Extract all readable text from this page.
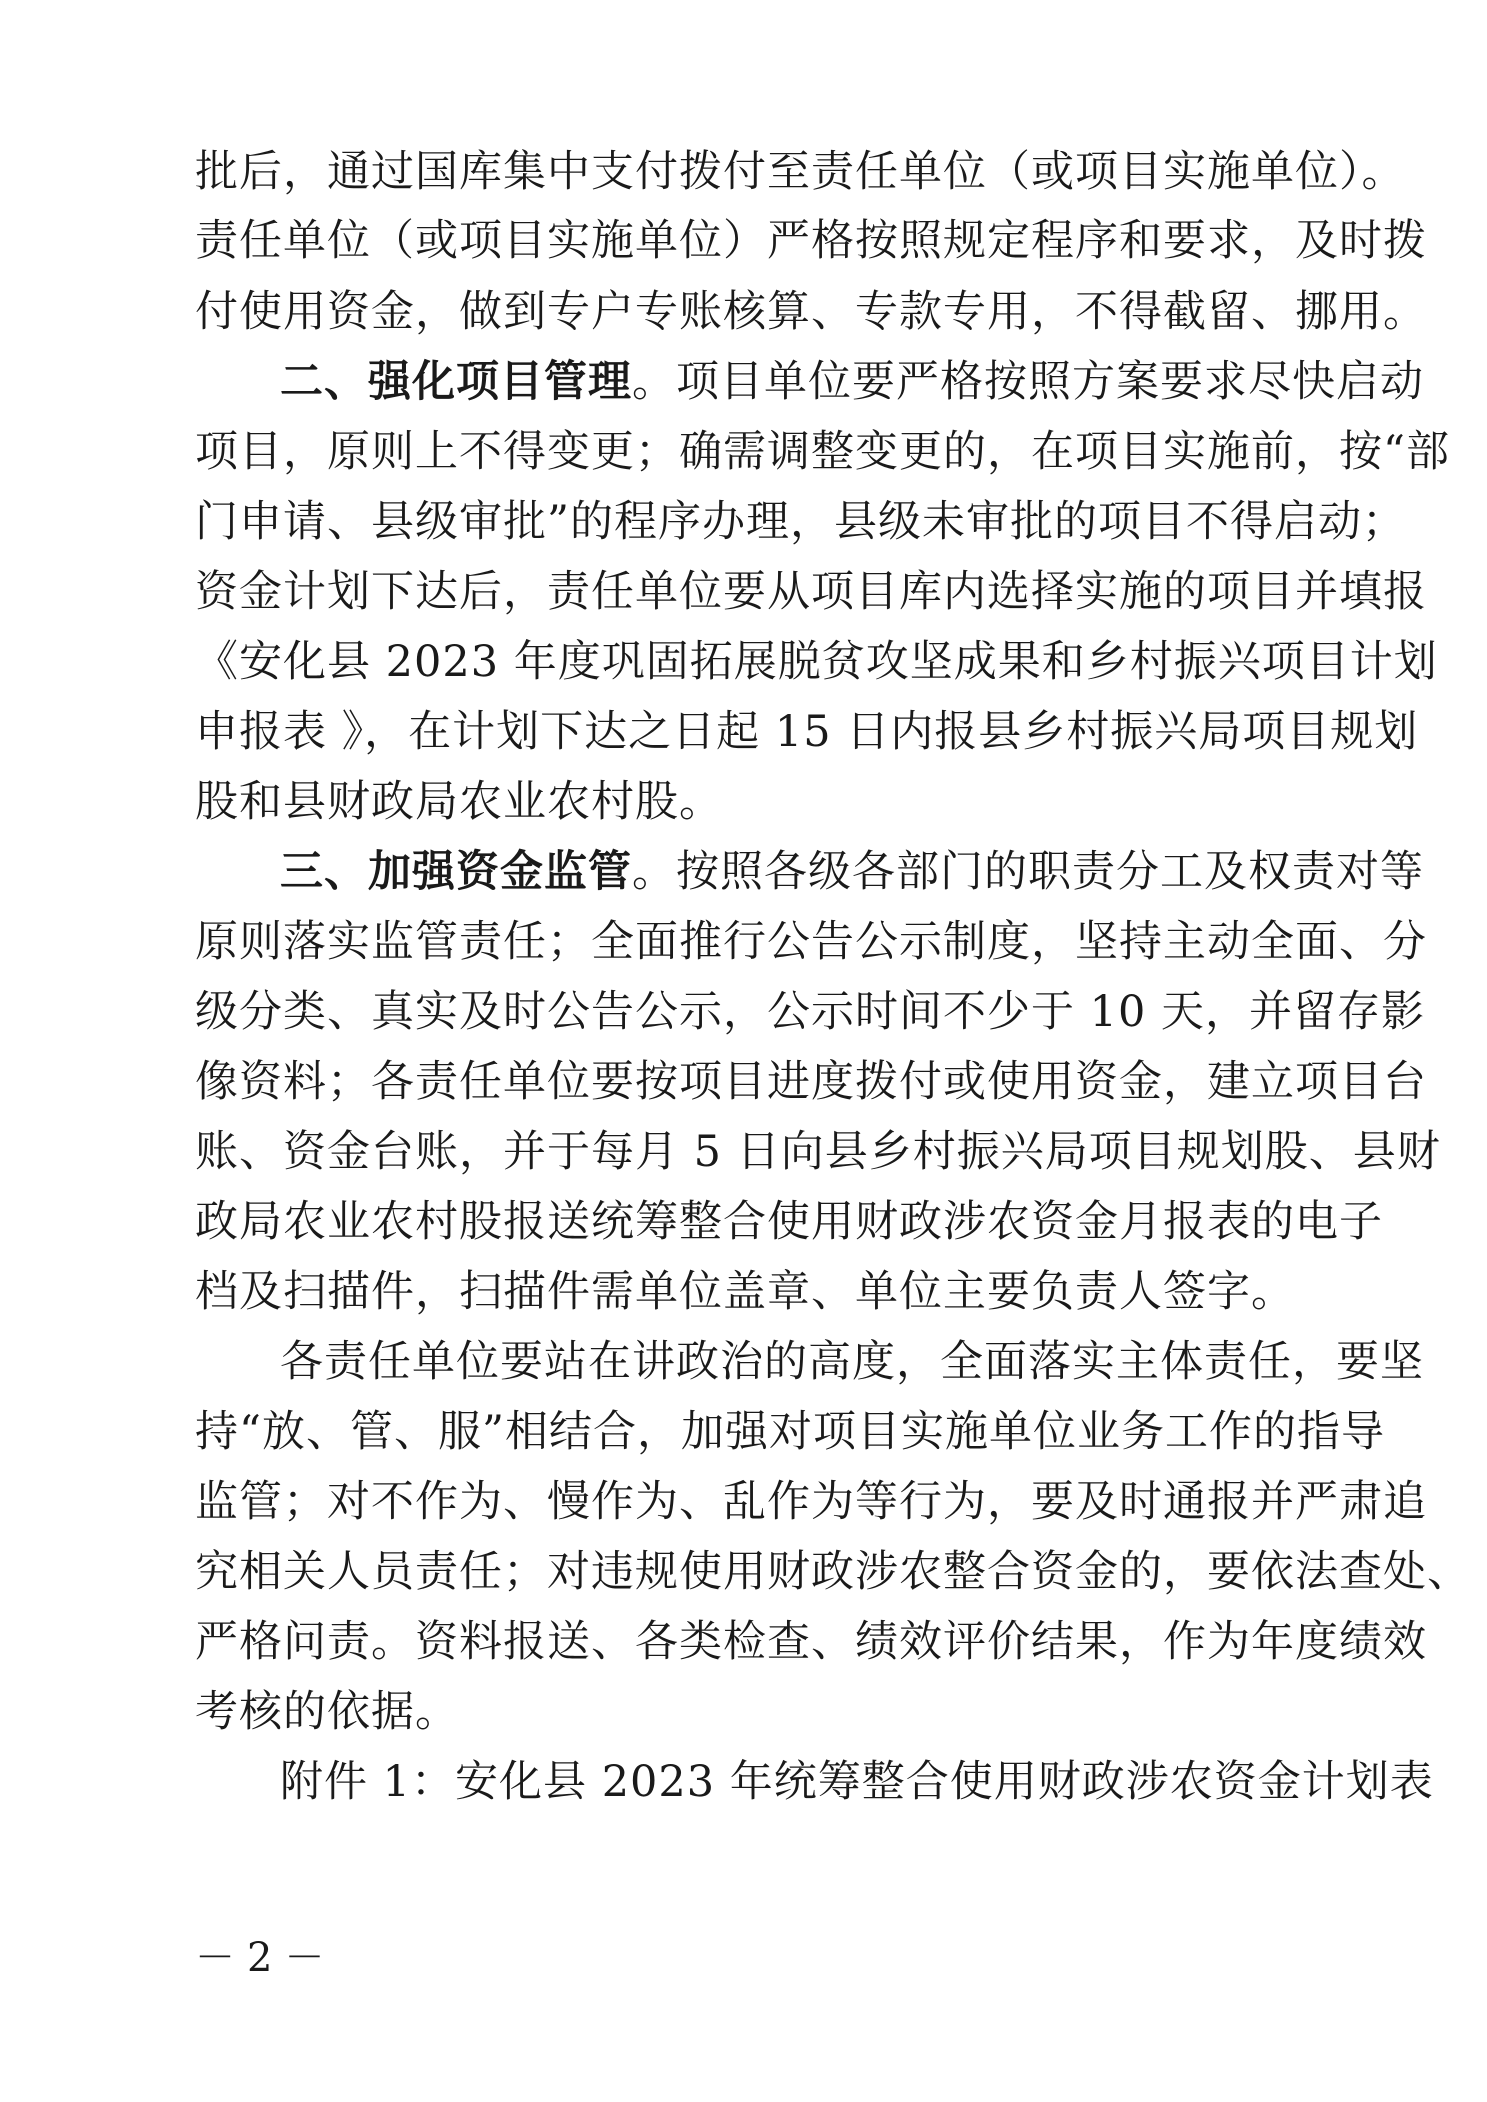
批后，通过国库集中支付拨付至责任单位（或项目实施单位）。
责任单位（或项目实施单位）严格按照规定程序和要求，及时拨
付使用资金，做到专户专账核算、专款专用，不得截留、挪用。
二、强化项目管理。项目单位要严格按照方案要求尽快启动
项目，原则上不得变更；确需调整变更的，在项目实施前，按“部
门申请、县级审批”的程序办理，县级未审批的项目不得启动；
资金计划下达后，责任单位要从项目库内选择实施的项目并填报
《安化县 2023 年度巩固拓展脱贫攻坚成果和乡村振兴项目计划
申报表 》，在计划下达之日起 15 日内报县乡村振兴局项目规划
股和县财政局农业农村股。
三、加强资金监管。按照各级各部门的职责分工及权责对等
原则落实监管责任；全面推行公告公示制度，坚持主动全面、分
级分类、真实及时公告公示，公示时间不少于 10 天，并留存影
像资料；各责任单位要按项目进度拨付或使用资金，建立项目台
账、资金台账，并于每月 5 日向县乡村振兴局项目规划股、县财
政局农业农村股报送统筹整合使用财政涉农资金月报表的电子
档及扫描件，扫描件需单位盖章、单位主要负责人签字。
各责任单位要站在讲政治的高度，全面落实主体责任，要坚
持“放、管、服”相结合，加强对项目实施单位业务工作的指导
监管；对不作为、慢作为、乱作为等行为，要及时通报并严肃追
究相关人员责任；对违规使用财政涉农整合资金的，要依法查处、
严格问责。资料报送、各类检查、绩效评价结果，作为年度绩效
考核的依据。
附件 1：安化县 2023 年统筹整合使用财政涉农资金计划表
－2－
